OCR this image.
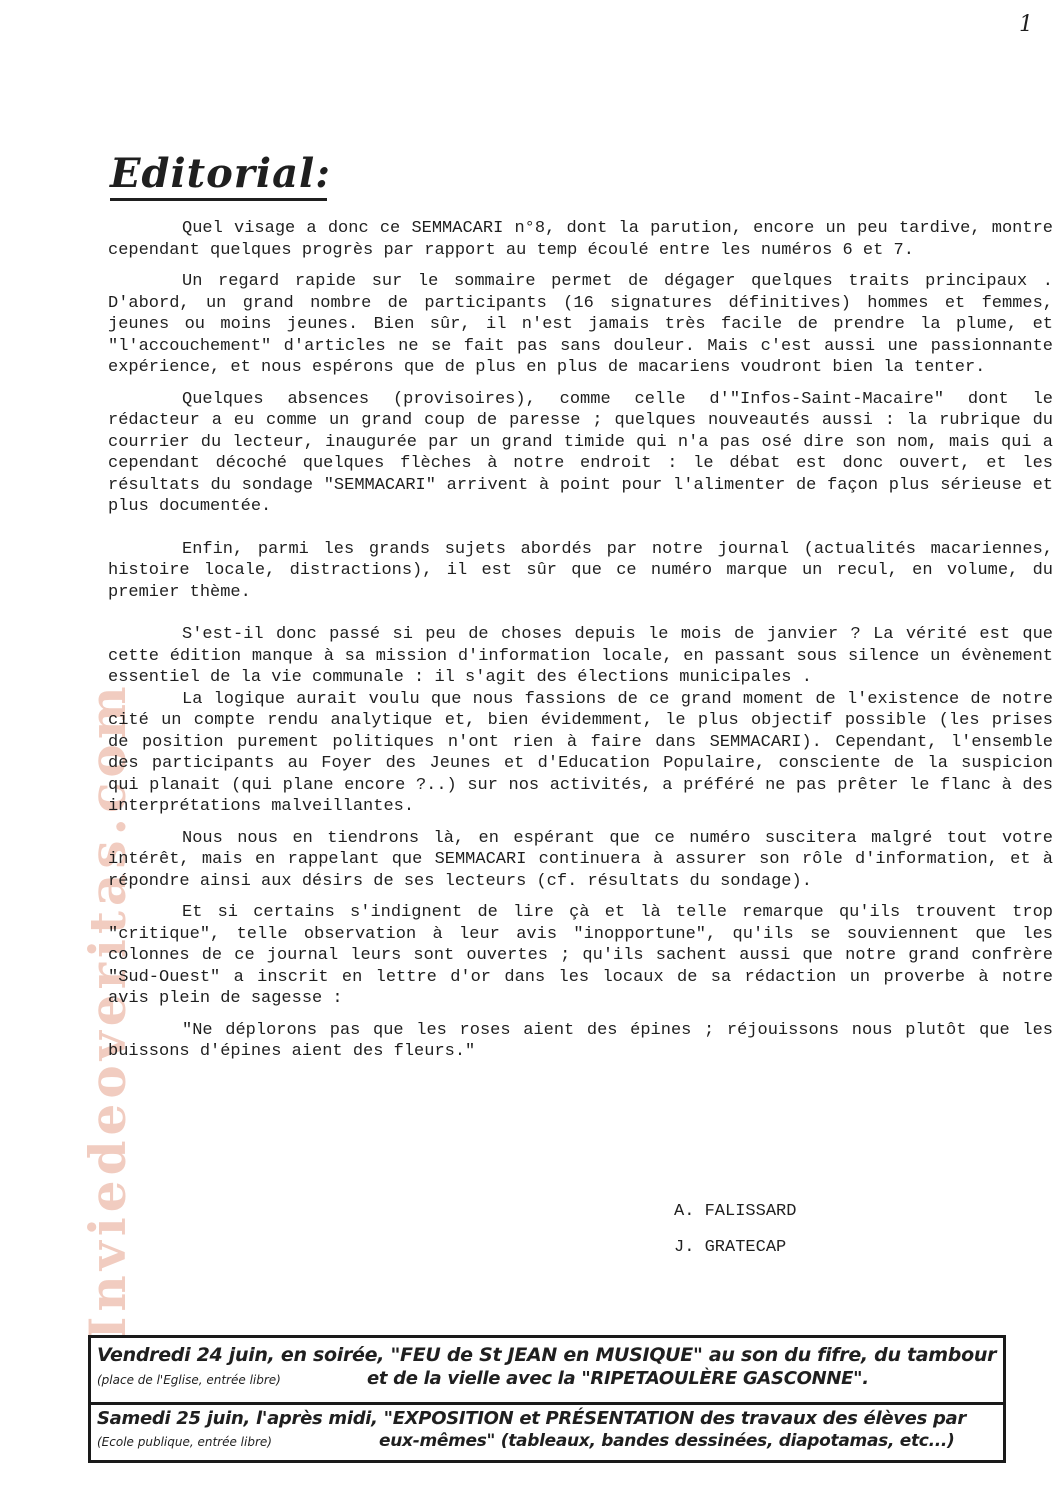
1
Editorial:
Inviedeoveritas.com

Quel visage a donc ce SEMMACARI n°8, dont la parution, encore un peu tardive, montre cependant quelques progrès par rapport au temp écoulé entre les numéros 6 et 7.

Un regard rapide sur le sommaire permet de dégager quelques traits principaux . D'abord, un grand nombre de participants (16 signatures définitives) hommes et femmes, jeunes ou moins jeunes. Bien sûr, il n'est jamais très facile de prendre la plume, et "l'accouchement" d'articles ne se fait pas sans douleur. Mais c'est aussi une passionnante expérience, et nous espérons que de plus en plus de macariens voudront bien la tenter.

Quelques absences (provisoires), comme celle d'"Infos-Saint-Macaire" dont le rédacteur a eu comme un grand coup de paresse ; quelques nouveautés aussi : la rubrique du courrier du lecteur, inaugurée par un grand timide qui n'a pas osé dire son nom, mais qui a cependant décoché quelques flèches à notre endroit : le débat est donc ouvert, et les résultats du sondage "SEMMACARI" arrivent à point pour l'alimenter de façon plus sérieuse et plus documentée.

Enfin, parmi les grands sujets abordés par notre journal (actualités macariennes, histoire locale, distractions), il est sûr que ce numéro marque un recul, en volume, du premier thème.

S'est-il donc passé si peu de choses depuis le mois de janvier ? La vérité est que cette édition manque à sa mission d'information locale, en passant sous silence un évènement essentiel de la vie communale : il s'agit des élections municipales .

La logique aurait voulu que nous fassions de ce grand moment de l'existence de notre cité un compte rendu analytique et, bien évidemment, le plus objectif possible (les prises de position purement politiques n'ont rien à faire dans SEMMACARI). Cependant, l'ensemble des participants au Foyer des Jeunes et d'Education Populaire, consciente de la suspicion qui planait (qui plane encore ?..) sur nos activités, a préféré ne pas prêter le flanc à des interprétations malveillantes.

Nous nous en tiendrons là, en espérant que ce numéro suscitera malgré tout votre intérêt, mais en rappelant que SEMMACARI continuera à assurer son rôle d'information, et à répondre ainsi aux désirs de ses lecteurs (cf. résultats du sondage).

Et si certains s'indignent de lire çà et là telle remarque qu'ils trouvent trop "critique", telle observation à leur avis "inopportune", qu'ils se souviennent que les colonnes de ce journal leurs sont ouvertes ; qu'ils sachent aussi que notre grand confrère "Sud-Ouest" a inscrit en lettre d'or dans les locaux de sa rédaction un proverbe à notre avis plein de sagesse :

"Ne déplorons pas que les roses aient des épines ; réjouissons nous plutôt que les buissons d'épines aient des fleurs."

A. FALISSARD
J. GRATECAP
Vendredi 24 juin, en soirée, "FEU de St JEAN en MUSIQUE" au son du fifre, du tambour
(place de l'Eglise, entrée libre)	et de la vielle avec la "RIPETAOULÈRE GASCONNE".
Samedi 25 juin, l'après midi, "EXPOSITION et PRÉSENTATION des travaux des élèves par
(Ecole publique, entrée libre)	eux-mêmes" (tableaux, bandes dessinées, diapotamas, etc...)
